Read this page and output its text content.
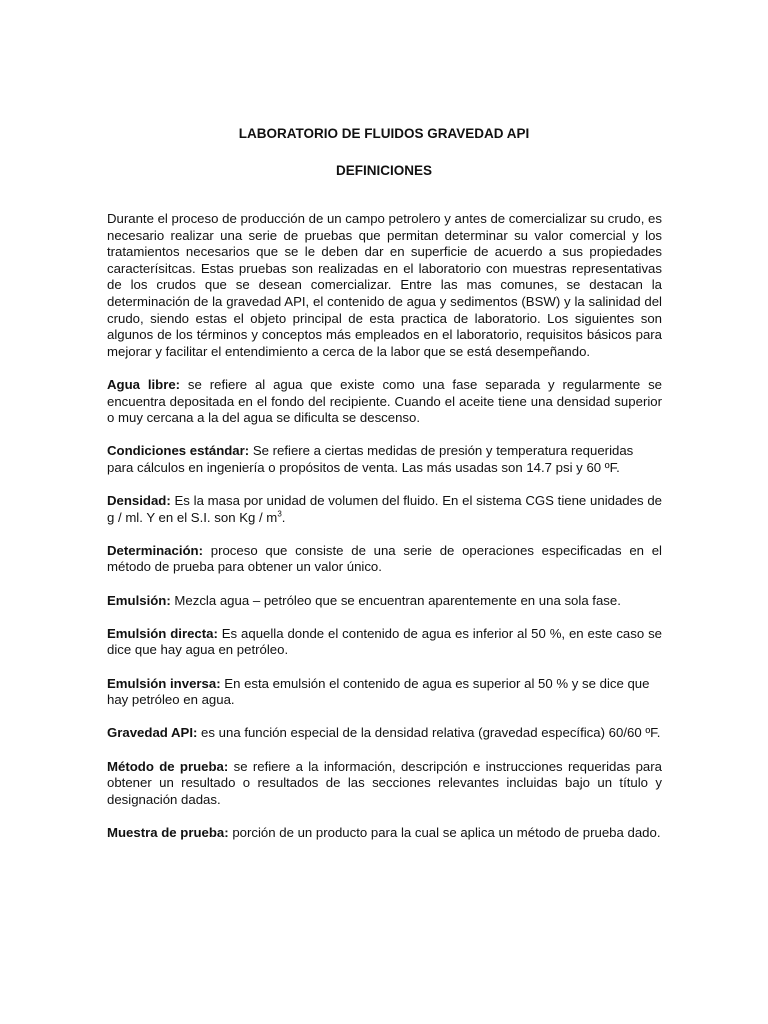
LABORATORIO DE FLUIDOS GRAVEDAD API
DEFINICIONES

Durante el proceso de producción de un campo petrolero y antes de comercializar su crudo, es necesario realizar una serie de pruebas que permitan determinar su valor comercial y los tratamientos necesarios que se le deben dar en superficie de acuerdo a sus propiedades caracterísitcas. Estas pruebas son realizadas en el laboratorio con muestras representativas de los crudos que se desean comercializar. Entre las mas comunes, se destacan la determinación de la gravedad API, el contenido de agua y sedimentos (BSW) y la salinidad del crudo, siendo estas el objeto principal de esta practica de laboratorio. Los siguientes son algunos de los términos y conceptos más empleados en el laboratorio, requisitos básicos para mejorar y facilitar el entendimiento a cerca de la labor que se está desempeñando.

Agua libre: se refiere al agua que existe como una fase separada y regularmente se encuentra depositada en el fondo del recipiente. Cuando el aceite tiene una densidad superior o muy cercana a la del agua se dificulta se descenso.

Condiciones estándar: Se refiere a ciertas medidas de presión y temperatura requeridas para cálculos en ingeniería o propósitos de venta. Las más usadas son 14.7 psi y 60 ºF.

Densidad: Es la masa por unidad de volumen del fluido. En el sistema CGS tiene unidades de g / ml. Y en el S.I. son Kg / $m^3$.

Determinación: proceso que consiste de una serie de operaciones especificadas en el método de prueba para obtener un valor único.

Emulsión: Mezcla agua – petróleo que se encuentran aparentemente en una sola fase.

Emulsión directa: Es aquella donde el contenido de agua es inferior al 50 %, en este caso se dice que hay agua en petróleo.

Emulsión inversa: En esta emulsión el contenido de agua es superior al 50 % y se dice que hay petróleo en agua.

Gravedad API: es una función especial de la densidad relativa (gravedad específica) 60/60 ºF.

Método de prueba: se refiere a la información, descripción e instrucciones requeridas para obtener un resultado o resultados de las secciones relevantes incluidas bajo un título y designación dadas.

Muestra de prueba: porción de un producto para la cual se aplica un método de prueba dado.
